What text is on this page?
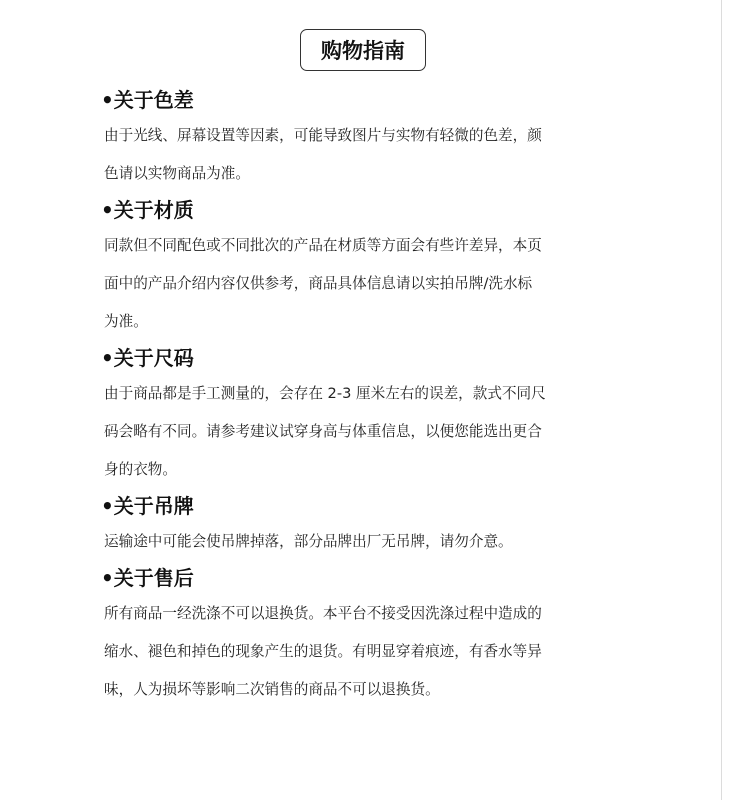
购物指南
•关于色差
由于光线、屏幕设置等因素，可能导致图片与实物有轻微的色差，颜
色请以实物商品为准。
•关于材质
同款但不同配色或不同批次的产品在材质等方面会有些许差异，本页
面中的产品介绍内容仅供参考，商品具体信息请以实拍吊牌/洗水标
为准。
•关于尺码
由于商品都是手工测量的，会存在 2-3 厘米左右的误差，款式不同尺
码会略有不同。请参考建议试穿身高与体重信息，以便您能选出更合
身的衣物。
•关于吊牌
运输途中可能会使吊牌掉落，部分品牌出厂无吊牌，请勿介意。
•关于售后
所有商品一经洗涤不可以退换货。本平台不接受因洗涤过程中造成的
缩水、褪色和掉色的现象产生的退货。有明显穿着痕迹，有香水等异
味，人为损坏等影响二次销售的商品不可以退换货。
